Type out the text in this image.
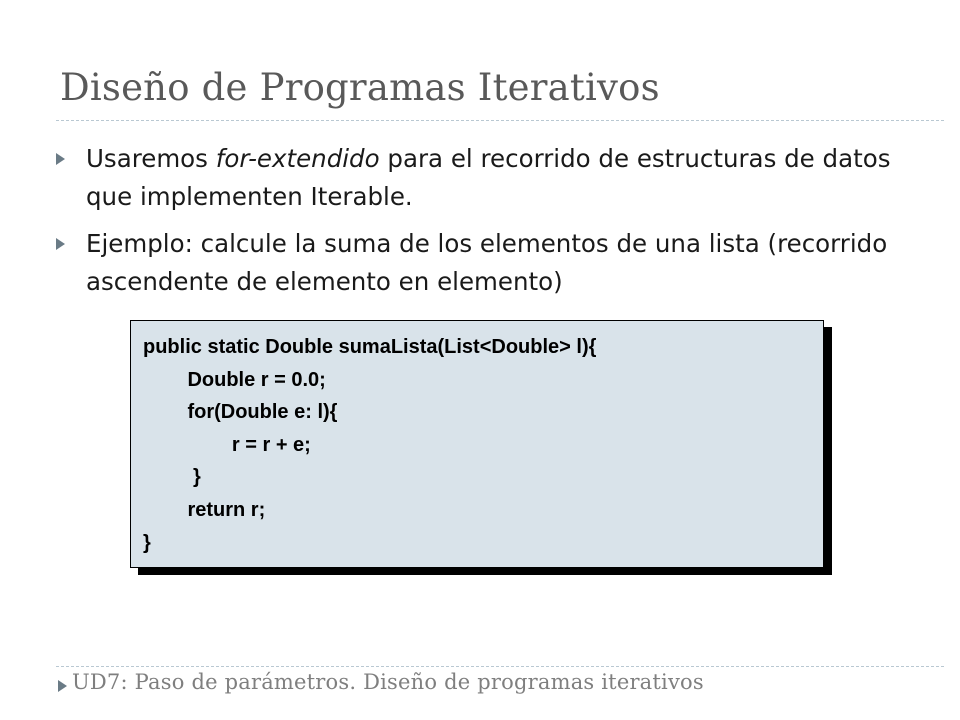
Diseño de Programas Iterativos
Usaremos for-extendido para el recorrido de estructuras de datos que implementen Iterable.
Ejemplo: calcule la suma de los elementos de una lista (recorrido ascendente de elemento en elemento)
public static Double sumaLista(List<Double> l){
Double r = 0.0;
for(Double e: l){
r = r + e;
}
return r;
}
UD7: Paso de parámetros. Diseño de programas iterativos
